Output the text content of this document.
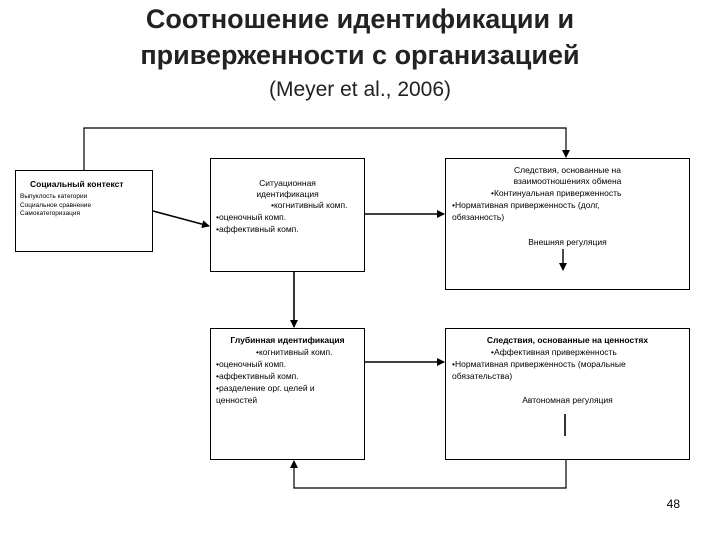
Соотношение идентификации и
приверженности с организацией
(Meyer et al., 2006)
Социальный контекст
Выпуклость категории
Социальное сравнение
Самокатегоризация
Ситуационная
идентификация
•когнитивный комп.
•оценочный комп.
•аффективный комп.
Следствия, основанные на
взаимоотношениях обмена
•Континуальная приверженность
•Нормативная приверженность (долг,
обязанность)
Внешняя регуляция
Глубинная идентификация
•когнитивный комп.
•оценочный комп.
•аффективный комп.
•разделение орг. целей и
ценностей
Следствия, основанные на ценностях
•Аффективная приверженность
•Нормативная приверженность (моральные
обязательства)
Автономная регуляция
48
